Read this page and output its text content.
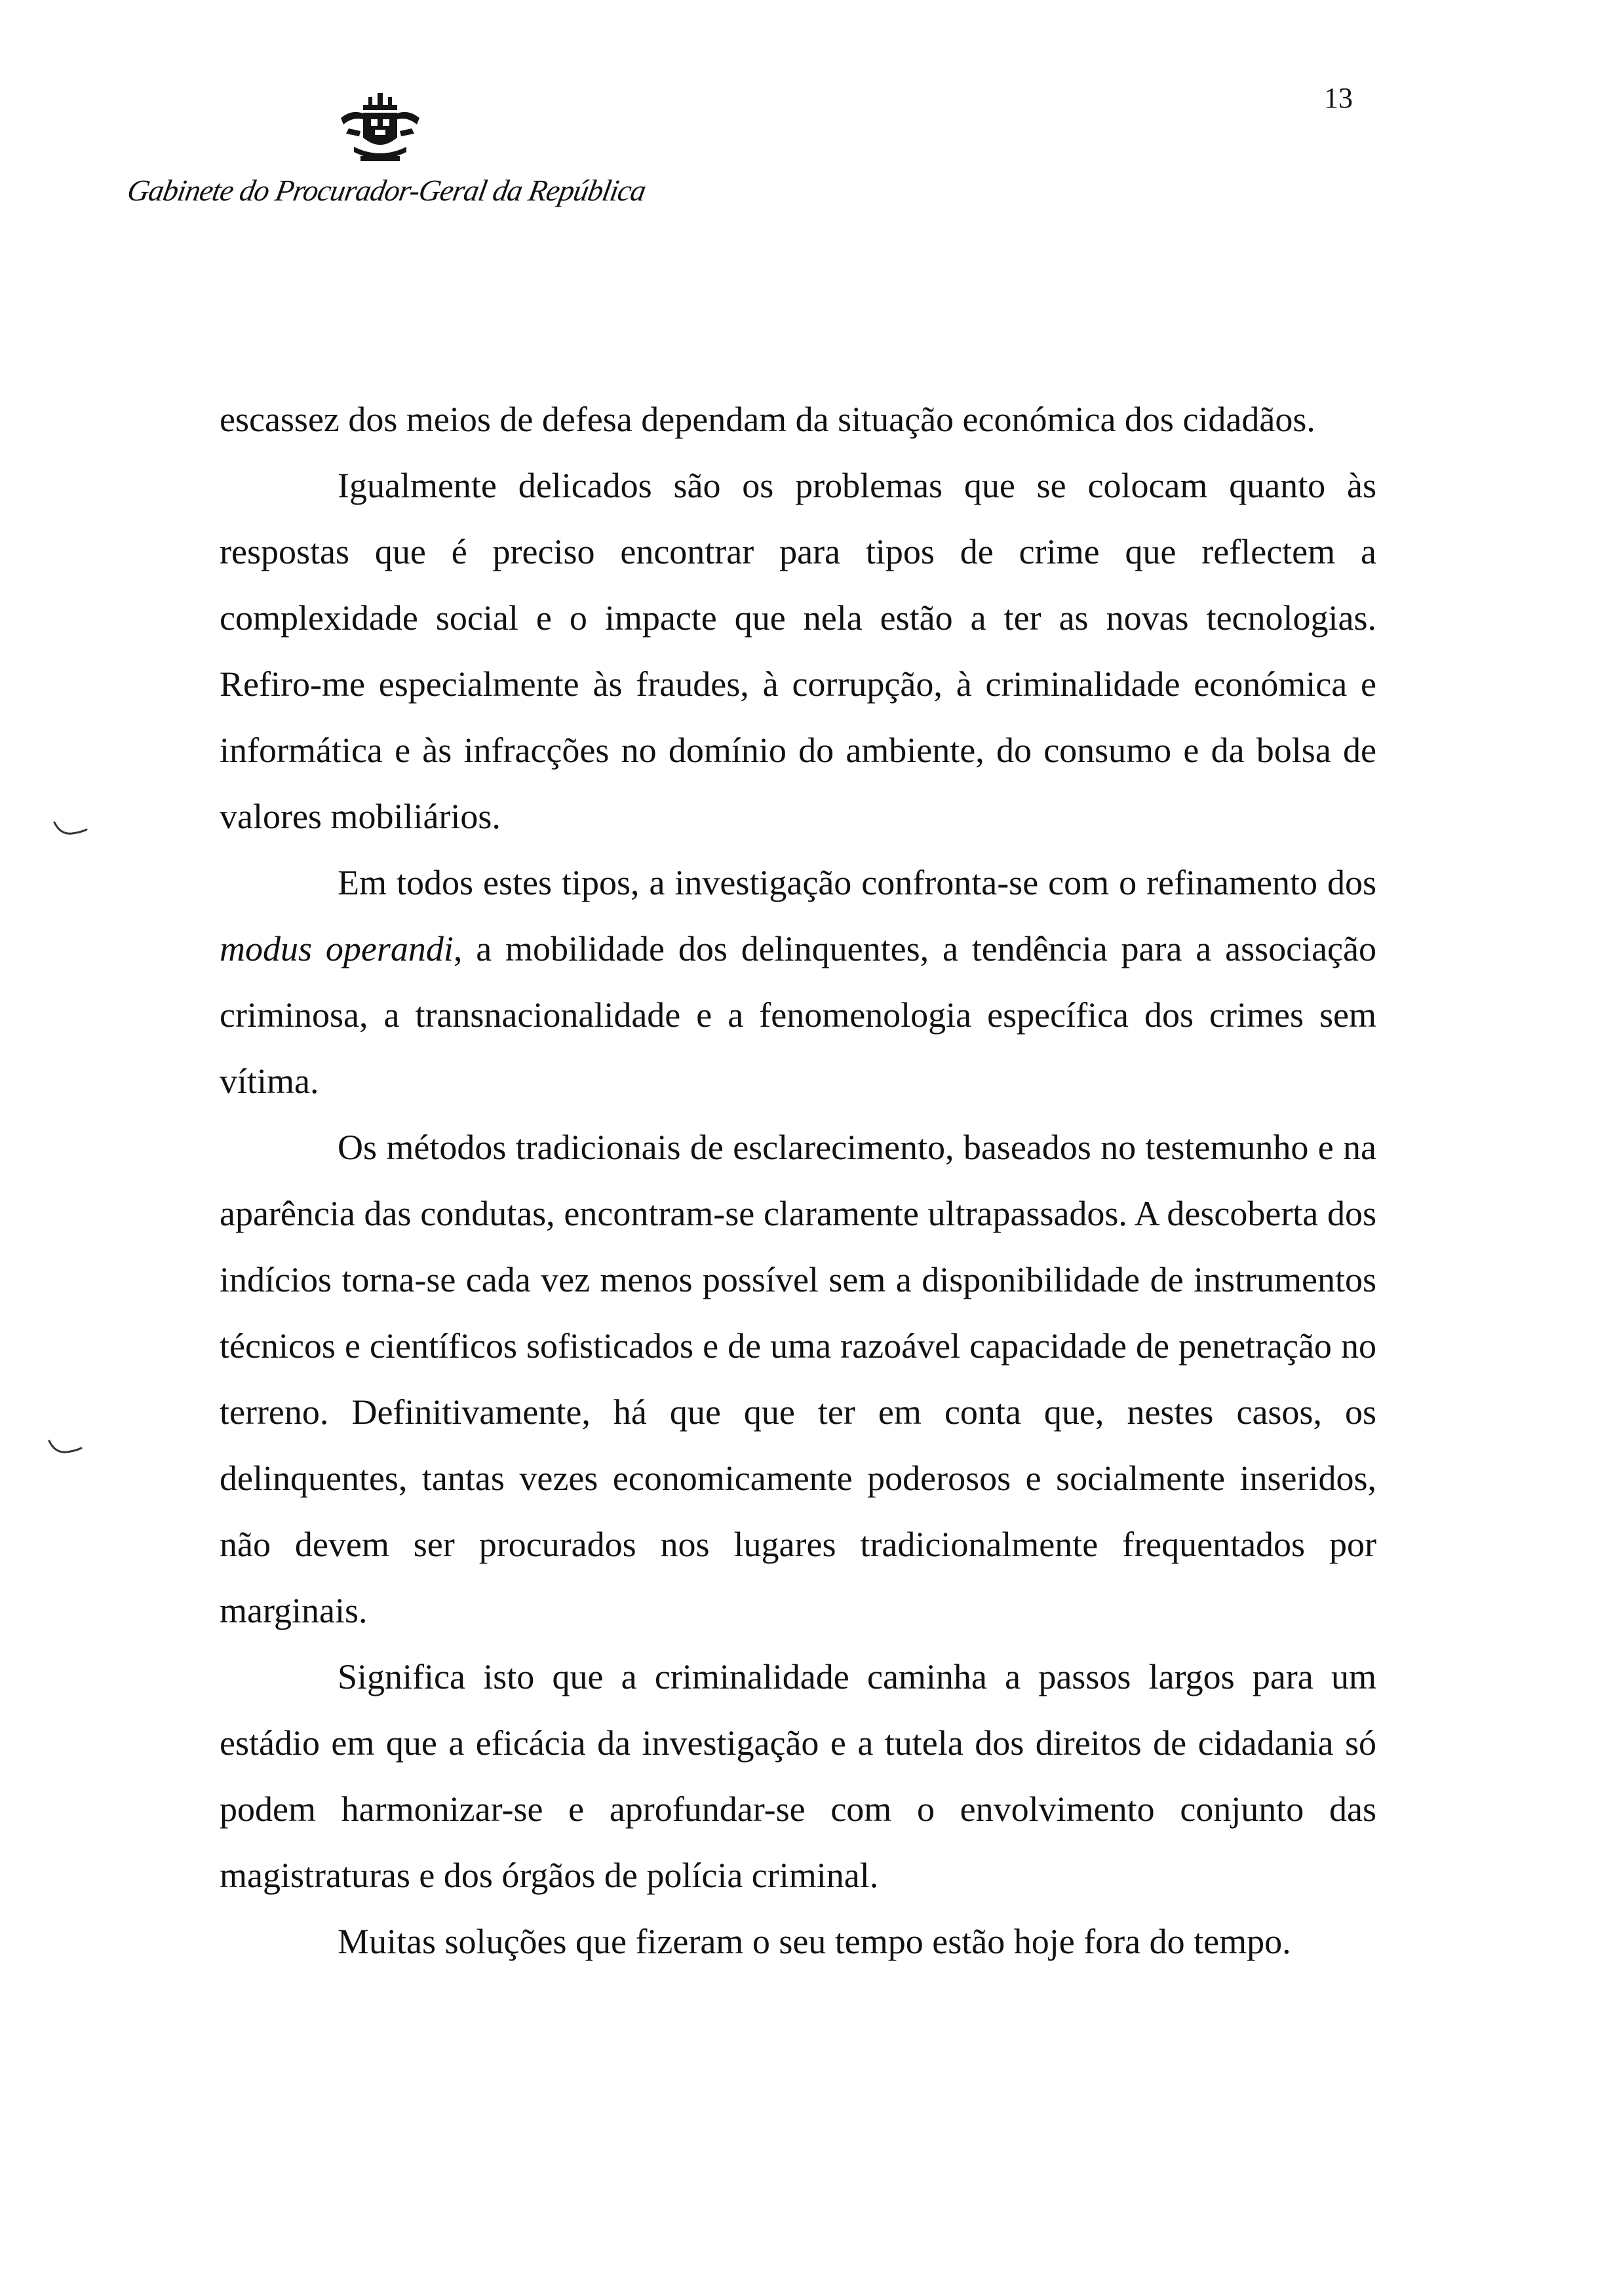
13
Gabinete do Procurador-Geral da República

escassez dos meios de defesa dependam da situação económica dos cidadãos.

Igualmente delicados são os problemas que se colocam quanto às respostas que é preciso encontrar para tipos de crime que reflectem a complexidade social e o impacte que nela estão a ter as novas tecnologias. Refiro-me especialmente às fraudes, à corrupção, à criminalidade económica e informática e às infracções no domínio do ambiente, do consumo e da bolsa de valores mobiliários.

Em todos estes tipos, a investigação confronta-se com o refinamento dos modus operandi, a mobilidade dos delinquentes, a tendência para a associação criminosa, a transnacionalidade e a fenomenologia específica dos crimes sem vítima.

Os métodos tradicionais de esclarecimento, baseados no testemunho e na aparência das condutas, encontram-se claramente ultrapassados. A descoberta dos indícios torna-se cada vez menos possível sem a disponibilidade de instrumentos técnicos e científicos sofisticados e de uma razoável capacidade de penetração no terreno. Definitivamente, há que que ter em conta que, nestes casos, os delinquentes, tantas vezes economicamente poderosos e socialmente inseridos, não devem ser procurados nos lugares tradicionalmente frequentados por marginais.

Significa isto que a criminalidade caminha a passos largos para um estádio em que a eficácia da investigação e a tutela dos direitos de cidadania só podem harmonizar-se e aprofundar-se com o envolvimento conjunto das magistraturas e dos órgãos de polícia criminal.

Muitas soluções que fizeram o seu tempo estão hoje fora do tempo.
